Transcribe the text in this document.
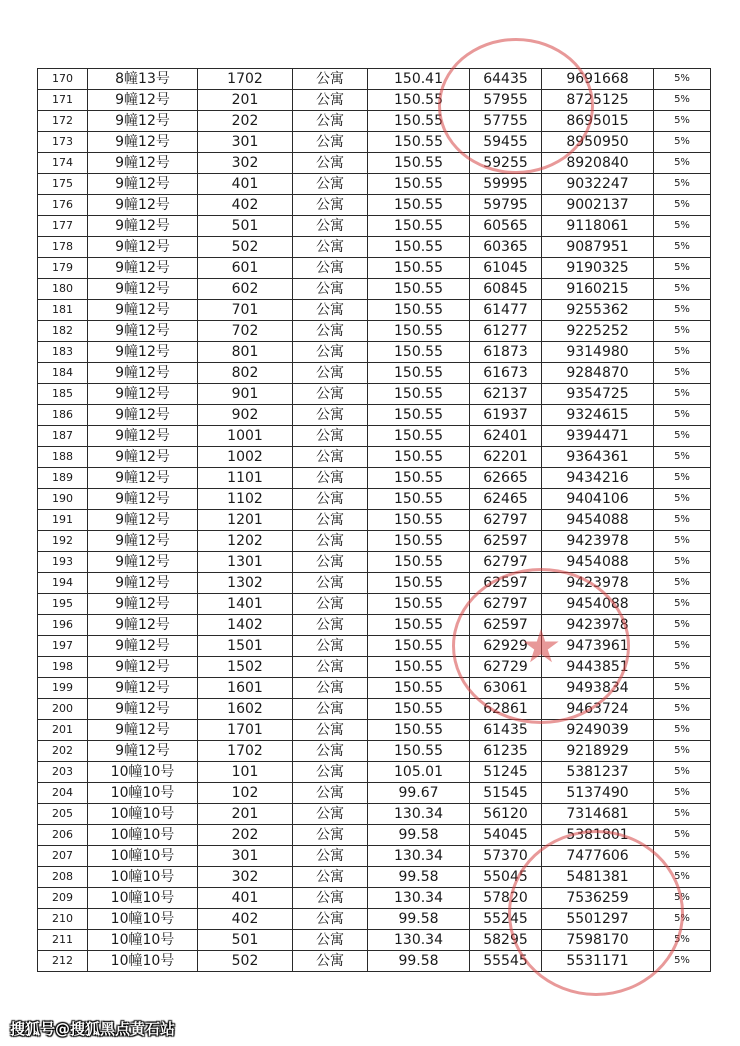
170	8幢13号	1702	公寓	150.41	64435	9691668	5%
171	9幢12号	201	公寓	150.55	57955	8725125	5%
172	9幢12号	202	公寓	150.55	57755	8695015	5%
173	9幢12号	301	公寓	150.55	59455	8950950	5%
174	9幢12号	302	公寓	150.55	59255	8920840	5%
175	9幢12号	401	公寓	150.55	59995	9032247	5%
176	9幢12号	402	公寓	150.55	59795	9002137	5%
177	9幢12号	501	公寓	150.55	60565	9118061	5%
178	9幢12号	502	公寓	150.55	60365	9087951	5%
179	9幢12号	601	公寓	150.55	61045	9190325	5%
180	9幢12号	602	公寓	150.55	60845	9160215	5%
181	9幢12号	701	公寓	150.55	61477	9255362	5%
182	9幢12号	702	公寓	150.55	61277	9225252	5%
183	9幢12号	801	公寓	150.55	61873	9314980	5%
184	9幢12号	802	公寓	150.55	61673	9284870	5%
185	9幢12号	901	公寓	150.55	62137	9354725	5%
186	9幢12号	902	公寓	150.55	61937	9324615	5%
187	9幢12号	1001	公寓	150.55	62401	9394471	5%
188	9幢12号	1002	公寓	150.55	62201	9364361	5%
189	9幢12号	1101	公寓	150.55	62665	9434216	5%
190	9幢12号	1102	公寓	150.55	62465	9404106	5%
191	9幢12号	1201	公寓	150.55	62797	9454088	5%
192	9幢12号	1202	公寓	150.55	62597	9423978	5%
193	9幢12号	1301	公寓	150.55	62797	9454088	5%
194	9幢12号	1302	公寓	150.55	62597	9423978	5%
195	9幢12号	1401	公寓	150.55	62797	9454088	5%
196	9幢12号	1402	公寓	150.55	62597	9423978	5%
197	9幢12号	1501	公寓	150.55	62929	9473961	5%
198	9幢12号	1502	公寓	150.55	62729	9443851	5%
199	9幢12号	1601	公寓	150.55	63061	9493834	5%
200	9幢12号	1602	公寓	150.55	62861	9463724	5%
201	9幢12号	1701	公寓	150.55	61435	9249039	5%
202	9幢12号	1702	公寓	150.55	61235	9218929	5%
203	10幢10号	101	公寓	105.01	51245	5381237	5%
204	10幢10号	102	公寓	99.67	51545	5137490	5%
205	10幢10号	201	公寓	130.34	56120	7314681	5%
206	10幢10号	202	公寓	99.58	54045	5381801	5%
207	10幢10号	301	公寓	130.34	57370	7477606	5%
208	10幢10号	302	公寓	99.58	55045	5481381	5%
209	10幢10号	401	公寓	130.34	57820	7536259	5%
210	10幢10号	402	公寓	99.58	55245	5501297	5%
211	10幢10号	501	公寓	130.34	58295	7598170	5%
212	10幢10号	502	公寓	99.58	55545	5531171	5%
★
搜狐号@搜狐黑点黄石站
